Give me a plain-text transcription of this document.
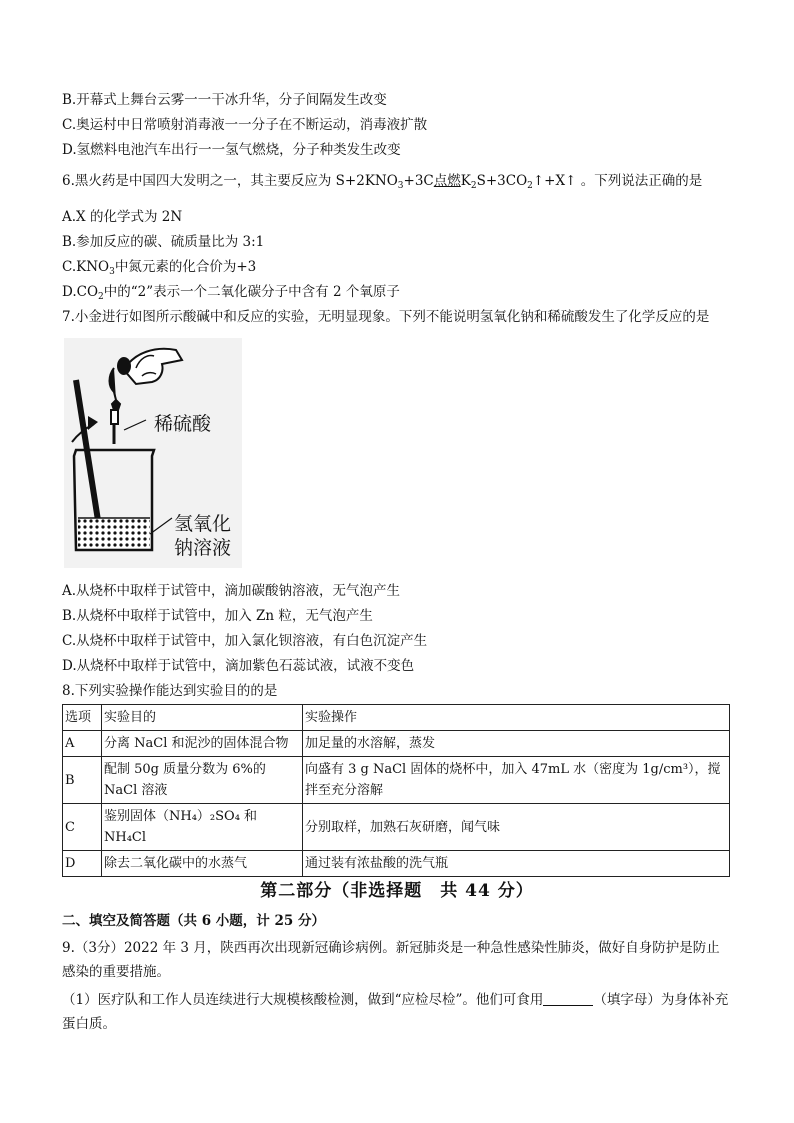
B.开幕式上舞台云雾一一干冰升华，分子间隔发生改变
C.奥运村中日常喷射消毒液一一分子在不断运动，消毒液扩散
D.氢燃料电池汽车出行一一氢气燃烧，分子种类发生改变
6.黑火药是中国四大发明之一，其主要反应为 $S+2KNO_3+3C$点燃$K_2S+3CO_2↑+X↑$ 。下列说法正确的是
A.X 的化学式为 2N
B.参加反应的碳、硫质量比为 3:1
$C.KNO_3$中氮元素的化合价为+3
$D.CO_2$中的“2”表示一个二氧化碳分子中含有 2 个氧原子
7.小金进行如图所示酸碱中和反应的实验，无明显现象。下列不能说明氢氧化钠和稀硫酸发生了化学反应的是
稀硫酸
氢氧化
钠溶液
A.从烧杯中取样于试管中，滴加碳酸钠溶液，无气泡产生
B.从烧杯中取样于试管中，加入 Zn 粒，无气泡产生
C.从烧杯中取样于试管中，加入氯化钡溶液，有白色沉淀产生
D.从烧杯中取样于试管中，滴加紫色石蕊试液，试液不变色
8.下列实验操作能达到实验目的的是
选项	实验目的	实验操作
A	分离 NaCl 和泥沙的固体混合物	加足量的水溶解，蒸发
B	配制 50g 质量分数为 6%的 NaCl 溶液	向盛有 3 g NaCl 固体的烧杯中，加入 47mL 水（密度为 1g/cm³），搅拌至充分溶解
C	鉴别固体（NH₄）₂SO₄ 和 NH₄Cl	分别取样，加熟石灰研磨，闻气味
D	除去二氧化碳中的水蒸气	通过装有浓盐酸的洗气瓶
第二部分（非选择题　共 44 分）
二、填空及简答题（共 6 小题，计 25 分）
9.（3分）2022 年 3 月，陕西再次出现新冠确诊病例。新冠肺炎是一种急性感染性肺炎，做好自身防护是防止感染的重要措施。
（1）医疗队和工作人员连续进行大规模核酸检测，做到“应检尽检”。他们可食用	（填字母）为身体补充蛋白质。
